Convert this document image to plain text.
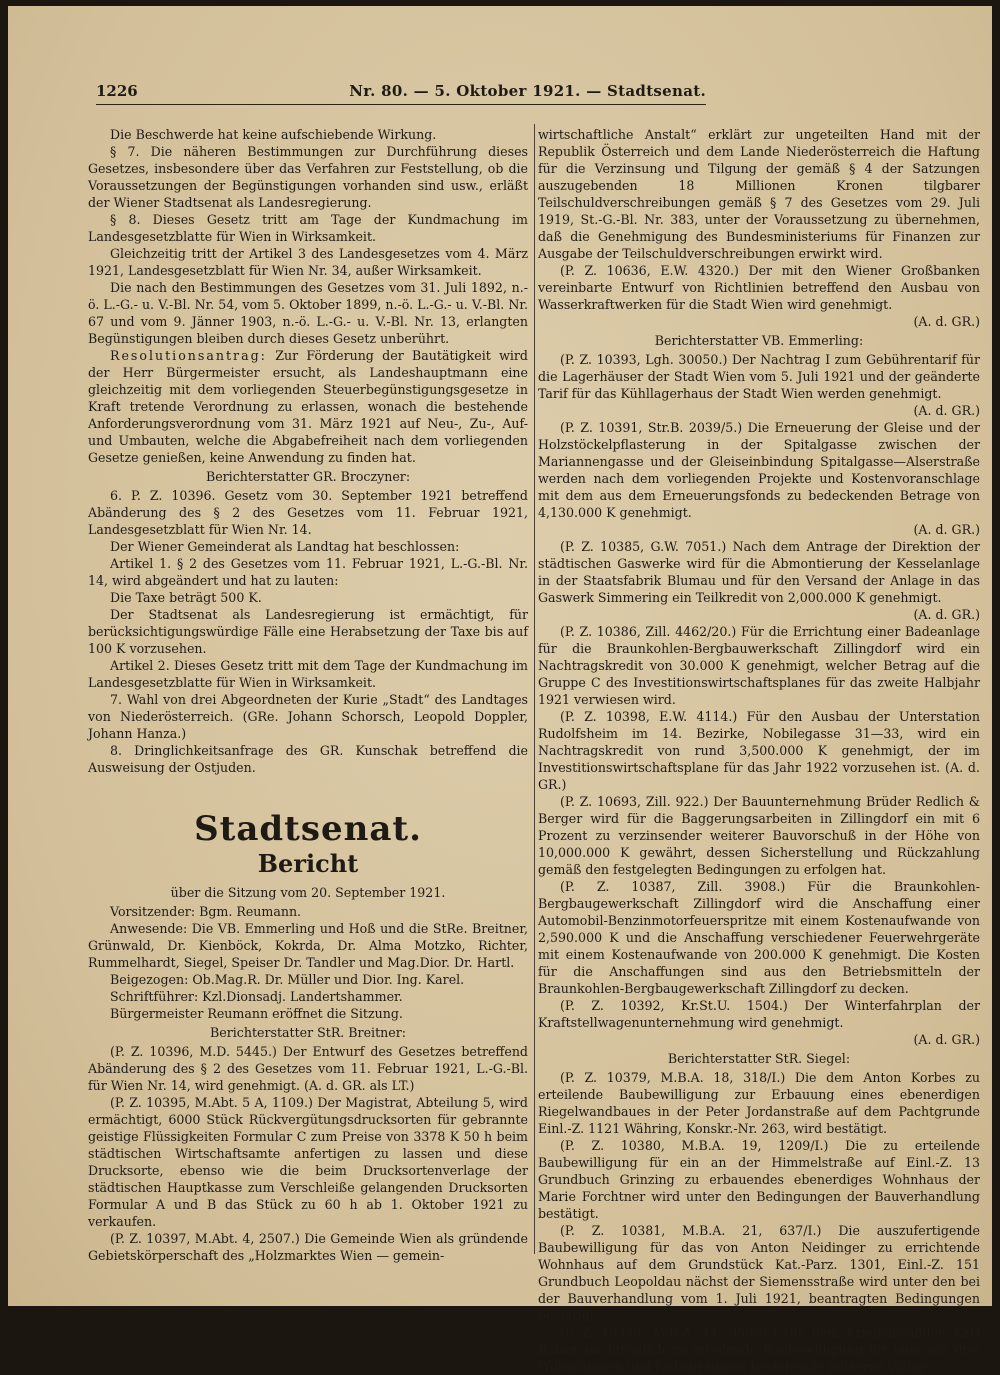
1226	Nr. 80. — 5. Oktober 1921. — Stadtsenat.

Die Beschwerde hat keine aufschiebende Wirkung.

§ 7. Die näheren Bestimmungen zur Durchführung dieses Gesetzes, insbesondere über das Verfahren zur Feststellung, ob die Voraussetzungen der Begünstigungen vorhanden sind usw., erläßt der Wiener Stadtsenat als Landesregierung.

§ 8. Dieses Gesetz tritt am Tage der Kundmachung im Landesgesetzblatte für Wien in Wirksamkeit.

Gleichzeitig tritt der Artikel 3 des Landesgesetzes vom 4. März 1921, Landesgesetzblatt für Wien Nr. 34, außer Wirksamkeit.

Die nach den Bestimmungen des Gesetzes vom 31. Juli 1892, n.-ö. L.-G.- u. V.-Bl. Nr. 54, vom 5. Oktober 1899, n.-ö. L.-G.- u. V.-Bl. Nr. 67 und vom 9. Jänner 1903, n.-ö. L.-G.- u. V.-Bl. Nr. 13, erlangten Begünstigungen bleiben durch dieses Gesetz unberührt.

Resolutionsantrag: Zur Förderung der Bautätigkeit wird der Herr Bürgermeister ersucht, als Landeshauptmann eine gleichzeitig mit dem vorliegenden Steuerbegünstigungsgesetze in Kraft tretende Verordnung zu erlassen, wonach die bestehende Anforderungsverordnung vom 31. März 1921 auf Neu-, Zu-, Auf- und Umbauten, welche die Abgabefreiheit nach dem vorliegenden Gesetze genießen, keine Anwendung zu finden hat.

Berichterstatter GR. Broczyner:

6. P. Z. 10396. Gesetz vom 30. September 1921 betreffend Abänderung des § 2 des Gesetzes vom 11. Februar 1921, Landesgesetzblatt für Wien Nr. 14.

Der Wiener Gemeinderat als Landtag hat beschlossen:

Artikel 1. § 2 des Gesetzes vom 11. Februar 1921, L.-G.-Bl. Nr. 14, wird abgeändert und hat zu lauten:

Die Taxe beträgt 500 K.

Der Stadtsenat als Landesregierung ist ermächtigt, für berücksichtigungswürdige Fälle eine Herabsetzung der Taxe bis auf 100 K vorzusehen.

Artikel 2. Dieses Gesetz tritt mit dem Tage der Kundmachung im Landesgesetzblatte für Wien in Wirksamkeit.

7. Wahl von drei Abgeordneten der Kurie „Stadt“ des Landtages von Niederösterreich. (GRe. Johann Schorsch, Leopold Doppler, Johann Hanza.)

8. Dringlichkeitsanfrage des GR. Kunschak betreffend die Ausweisung der Ostjuden.

Stadtsenat.
Bericht

über die Sitzung vom 20. September 1921.

Vorsitzender: Bgm. Reumann.

Anwesende: Die VB. Emmerling und Hoß und die StRe. Breitner, Grünwald, Dr. Kienböck, Kokrda, Dr. Alma Motzko, Richter, Rummelhardt, Siegel, Speiser Dr. Tandler und Mag.Dior. Dr. Hartl.

Beigezogen: Ob.Mag.R. Dr. Müller und Dior. Ing. Karel.

Schriftführer: Kzl.Dionsadj. Landertshammer.

Bürgermeister Reumann eröffnet die Sitzung.

Berichterstatter StR. Breitner:

(P. Z. 10396, M.D. 5445.) Der Entwurf des Gesetzes betreffend Abänderung des § 2 des Gesetzes vom 11. Februar 1921, L.-G.-Bl. für Wien Nr. 14, wird genehmigt. (A. d. GR. als LT.)

(P. Z. 10395, M.Abt. 5 A, 1109.) Der Magistrat, Abteilung 5, wird ermächtigt, 6000 Stück Rückvergütungsdrucksorten für gebrannte geistige Flüssigkeiten Formular C zum Preise von 3378 K 50 h beim städtischen Wirtschaftsamte anfertigen zu lassen und diese Drucksorte, ebenso wie die beim Drucksortenverlage der städtischen Hauptkasse zum Verschleiße gelangenden Drucksorten Formular A und B das Stück zu 60 h ab 1. Oktober 1921 zu verkaufen.

(P. Z. 10397, M.Abt. 4, 2507.) Die Gemeinde Wien als gründende Gebietskörperschaft des „Holzmarktes Wien — gemein-

wirtschaftliche Anstalt“ erklärt zur ungeteilten Hand mit der Republik Österreich und dem Lande Niederösterreich die Haftung für die Verzinsung und Tilgung der gemäß § 4 der Satzungen auszugebenden 18 Millionen Kronen tilgbarer Teilschuldverschreibungen gemäß § 7 des Gesetzes vom 29. Juli 1919, St.-G.-Bl. Nr. 383, unter der Voraussetzung zu übernehmen, daß die Genehmigung des Bundesministeriums für Finanzen zur Ausgabe der Teilschuldverschreibungen erwirkt wird.

(P. Z. 10636, E.W. 4320.) Der mit den Wiener Großbanken vereinbarte Entwurf von Richtlinien betreffend den Ausbau von Wasserkraftwerken für die Stadt Wien wird genehmigt.

(A. d. GR.)

Berichterstatter VB. Emmerling:

(P. Z. 10393, Lgh. 30050.) Der Nachtrag I zum Gebührentarif für die Lagerhäuser der Stadt Wien vom 5. Juli 1921 und der geänderte Tarif für das Kühllagerhaus der Stadt Wien werden genehmigt.

(A. d. GR.)

(P. Z. 10391, Str.B. 2039/5.) Die Erneuerung der Gleise und der Holzstöckelpflasterung in der Spitalgasse zwischen der Mariannengasse und der Gleiseinbindung Spitalgasse—Alserstraße werden nach dem vorliegenden Projekte und Kostenvoranschlage mit dem aus dem Erneuerungsfonds zu bedeckenden Betrage von 4,130.000 K genehmigt.

(A. d. GR.)

(P. Z. 10385, G.W. 7051.) Nach dem Antrage der Direktion der städtischen Gaswerke wird für die Abmontierung der Kesselanlage in der Staatsfabrik Blumau und für den Versand der Anlage in das Gaswerk Simmering ein Teilkredit von 2,000.000 K genehmigt.

(A. d. GR.)

(P. Z. 10386, Zill. 4462/20.) Für die Errichtung einer Badeanlage für die Braunkohlen-Bergbauwerkschaft Zillingdorf wird ein Nachtragskredit von 30.000 K genehmigt, welcher Betrag auf die Gruppe C des Investitionswirtschaftsplanes für das zweite Halbjahr 1921 verwiesen wird.

(P. Z. 10398, E.W. 4114.) Für den Ausbau der Unterstation Rudolfsheim im 14. Bezirke, Nobilegasse 31—33, wird ein Nachtragskredit von rund 3,500.000 K genehmigt, der im Investitionswirtschaftsplane für das Jahr 1922 vorzusehen ist. (A. d. GR.)

(P. Z. 10693, Zill. 922.) Der Bauunternehmung Brüder Redlich & Berger wird für die Baggerungsarbeiten in Zillingdorf ein mit 6 Prozent zu verzinsender weiterer Bauvorschuß in der Höhe von 10,000.000 K gewährt, dessen Sicherstellung und Rückzahlung gemäß den festgelegten Bedingungen zu erfolgen hat.

(P. Z. 10387, Zill. 3908.) Für die Braunkohlen-Bergbaugewerkschaft Zillingdorf wird die Anschaffung einer Automobil-Benzinmotorfeuerspritze mit einem Kostenaufwande von 2,590.000 K und die Anschaffung verschiedener Feuerwehrgeräte mit einem Kostenaufwande von 200.000 K genehmigt. Die Kosten für die Anschaffungen sind aus den Betriebsmitteln der Braunkohlen-Bergbaugewerkschaft Zillingdorf zu decken.

(P. Z. 10392, Kr.St.U. 1504.) Der Winterfahrplan der Kraftstellwagenunternehmung wird genehmigt.

(A. d. GR.)

Berichterstatter StR. Siegel:

(P. Z. 10379, M.B.A. 18, 318/I.) Die dem Anton Korbes zu erteilende Baubewilligung zur Erbauung eines ebenerdigen Riegelwandbaues in der Peter Jordanstraße auf dem Pachtgrunde Einl.-Z. 1121 Währing, Konskr.-Nr. 263, wird bestätigt.

(P. Z. 10380, M.B.A. 19, 1209/I.) Die zu erteilende Baubewilligung für ein an der Himmelstraße auf Einl.-Z. 13 Grundbuch Grinzing zu erbauendes ebenerdiges Wohnhaus der Marie Forchtner wird unter den Bedingungen der Bauverhandlung bestätigt.

(P. Z. 10381, M.B.A. 21, 637/I.) Die auszufertigende Baubewilligung für das von Anton Neidinger zu errichtende Wohnhaus auf dem Grundstück Kat.-Parz. 1301, Einl.-Z. 151 Grundbuch Leopoldau nächst der Siemensstraße wird unter den bei der Bauverhandlung vom 1. Juli 1921, beantragten Bedingungen bestätigt.

(P. Z. 10378, M.B.A. 11, 350/II.) Die dem Kriegsinvaliden Karl Balzer nachträglich zu erteilende Baubewilligung für eine aus drei Wohnräumen und Nebenräumen bestehende hölzerne Wohn-
